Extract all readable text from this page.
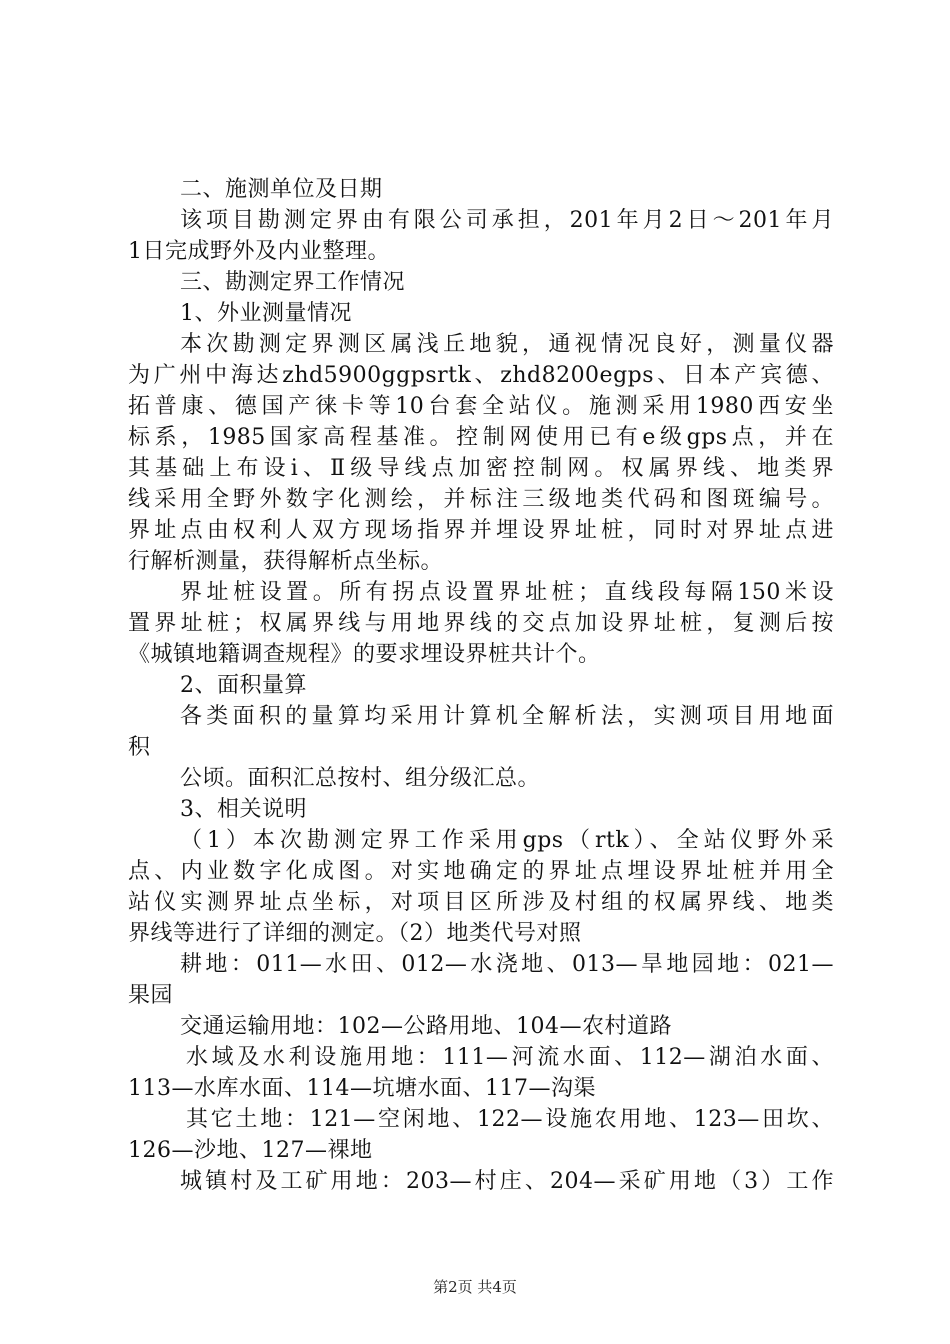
二、施测单位及日期
该项目勘测定界由有限公司承担，201年月2日～201年月
1日完成野外及内业整理。
三、勘测定界工作情况
1、外业测量情况
本次勘测定界测区属浅丘地貌，通视情况良好，测量仪器
为广州中海达zhd5900ggpsrtk、zhd8200egps、日本产宾德、
拓普康、德国产徕卡等10台套全站仪。施测采用1980西安坐
标系，1985国家高程基准。控制网使用已有e级gps点，并在
其基础上布设ⅰ、Ⅱ级导线点加密控制网。权属界线、地类界
线采用全野外数字化测绘，并标注三级地类代码和图斑编号。
界址点由权利人双方现场指界并埋设界址桩，同时对界址点进
行解析测量，获得解析点坐标。
界址桩设置。所有拐点设置界址桩；直线段每隔150米设
置界址桩；权属界线与用地界线的交点加设界址桩，复测后按
《城镇地籍调查规程》的要求埋设界桩共计个。
2、面积量算
各类面积的量算均采用计算机全解析法，实测项目用地面
积
公顷。面积汇总按村、组分级汇总。
3、相关说明
（1）本次勘测定界工作采用gps（rtk）、全站仪野外采
点、内业数字化成图。对实地确定的界址点埋设界址桩并用全
站仪实测界址点坐标，对项目区所涉及村组的权属界线、地类
界线等进行了详细的测定。（2）地类代号对照
耕地：011—水田、012—水浇地、013—旱地园地：021—
果园
交通运输用地：102—公路用地、104—农村道路
水域及水利设施用地：111—河流水面、112—湖泊水面、
113—水库水面、114—坑塘水面、117—沟渠
其它土地：121—空闲地、122—设施农用地、123—田坎、
126—沙地、127—裸地
城镇村及工矿用地：203—村庄、204—采矿用地（3）工作
第2页 共4页
